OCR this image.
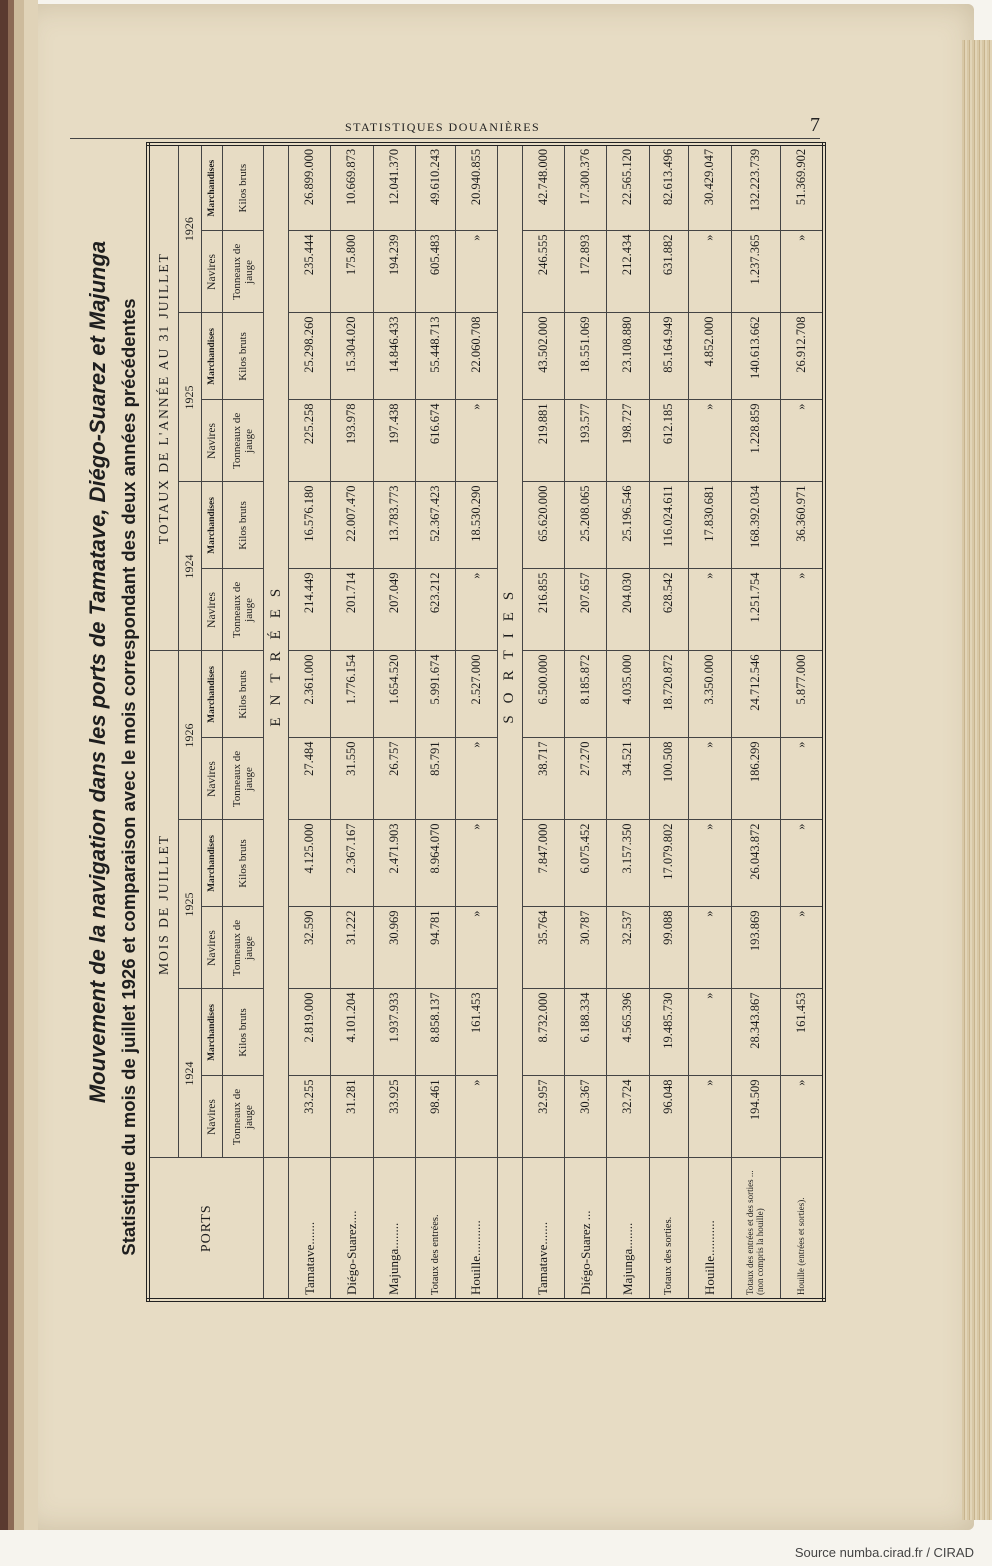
STATISTIQUES DOUANIÈRES	7
Mouvement de la navigation dans les ports de Tamatave, Diégo-Suarez et Majunga Statistique du mois de juillet 1926 et comparaison avec le mois correspondant des deux années précédentes	PORTS	MOIS DE JUILLET						TOTAUX DE L'ANNÉE AU 31 JUILLET					
	1924		1925		1926		1924		1925		1926	
	Navires	Marchandises	Navires	Marchandises	Navires	Marchandises	Navires	Marchandises	Navires	Marchandises	Navires	Marchandises
	Tonneaux de jauge	Kilos bruts	Tonneaux de jauge	Kilos bruts	Tonneaux de jauge	Kilos bruts	Tonneaux de jauge	Kilos bruts	Tonneaux de jauge	Kilos bruts	Tonneaux de jauge	Kilos bruts
	ENTRÉES											
Tamatave.......	33.255	2.819.000	32.590	4.125.000	27.484	2.361.000	214.449	16.576.180	225.258	25.298.260	235.444	26.899.000
Diégo-Suarez....	31.281	4.101.204	31.222	2.367.167	31.550	1.776.154	201.714	22.007.470	193.978	15.304.020	175.800	10.669.873
Majunga........	33.925	1.937.933	30.969	2.471.903	26.757	1.654.520	207.049	13.783.773	197.438	14.846.433	194.239	12.041.370
Totaux des entrées.	98.461	8.858.137	94.781	8.964.070	85.791	5.991.674	623.212	52.367.423	616.674	55.448.713	605.483	49.610.243
Houille...........	»	161.453	»	»	»	2.527.000	»	18.530.290	»	22.060.708	»	20.940.855
	SORTIES											
Tamatave.......	32.957	8.732.000	35.764	7.847.000	38.717	6.500.000	216.855	65.620.000	219.881	43.502.000	246.555	42.748.000
Diégo-Suarez ...	30.367	6.188.334	30.787	6.075.452	27.270	8.185.872	207.657	25.208.065	193.577	18.551.069	172.893	17.300.376
Majunga........	32.724	4.565.396	32.537	3.157.350	34.521	4.035.000	204.030	25.196.546	198.727	23.108.880	212.434	22.565.120
Totaux des sorties.	96.048	19.485.730	99.088	17.079.802	100.508	18.720.872	628.542	116.024.611	612.185	85.164.949	631.882	82.613.496
Houille...........	»	»	»	»	»	3.350.000	»	17.830.681	»	4.852.000	»	30.429.047
Totaux des entrées et des sorties ... (non compris la houille)	194.509	28.343.867	193.869	26.043.872	186.299	24.712.546	1.251.754	168.392.034	1.228.859	140.613.662	1.237.365	132.223.739
Houille (entrées et sorties).	»	161.453	»	»	»	5.877.000	»	36.360.971	»	26.912.708	»	51.369.902
Source numba.cirad.fr / CIRAD
